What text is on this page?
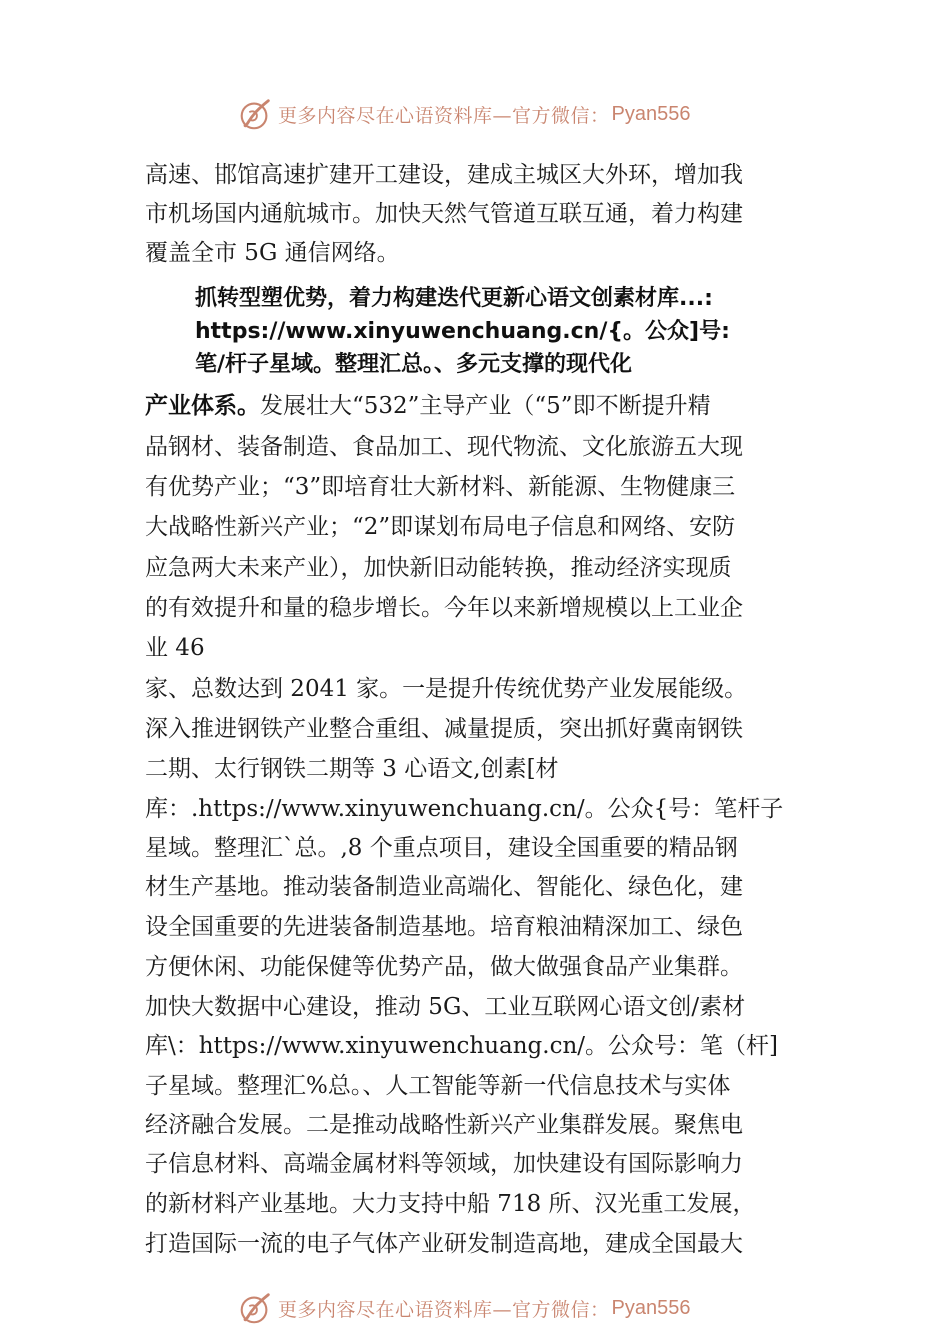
更多内容尽在心语资料库—官方微信： Pyan556
高速、邯馆高速扩建开工建设，建成主城区大外环，增加我
市机场国内通航城市。加快天然气管道互联互通，着力构建
覆盖全市 5G 通信网络。
抓转型塑优势，着力构建迭代更新心语文创素材库...:
https://www.xinyuwenchuang.cn/{。公众]号:
笔/杆子星域。整理汇总。、多元支撑的现代化
产业体系。发展壮大“532”主导产业（“5”即不断提升精
品钢材、装备制造、食品加工、现代物流、文化旅游五大现
有优势产业；“3”即培育壮大新材料、新能源、生物健康三
大战略性新兴产业；“2”即谋划布局电子信息和网络、安防
应急两大未来产业），加快新旧动能转换，推动经济实现质
的有效提升和量的稳步增长。今年以来新增规模以上工业企
业 46
家、总数达到 2041 家。一是提升传统优势产业发展能级。
深入推进钢铁产业整合重组、减量提质，突出抓好冀南钢铁
二期、太行钢铁二期等 3 心语文,创素[材
库：.https://www.xinyuwenchuang.cn/。公众{号：笔杆子
星域。整理汇`总。,8 个重点项目，建设全国重要的精品钢
材生产基地。推动装备制造业高端化、智能化、绿色化，建
设全国重要的先进装备制造基地。培育粮油精深加工、绿色
方便休闲、功能保健等优势产品，做大做强食品产业集群。
加快大数据中心建设，推动 5G、工业互联网心语文创/素材
库\：https://www.xinyuwenchuang.cn/。公众号：笔（杆]
子星域。整理汇%总。、人工智能等新一代信息技术与实体
经济融合发展。二是推动战略性新兴产业集群发展。聚焦电
子信息材料、高端金属材料等领域，加快建设有国际影响力
的新材料产业基地。大力支持中船 718 所、汉光重工发展，
打造国际一流的电子气体产业研发制造高地，建成全国最大
更多内容尽在心语资料库—官方微信： Pyan556
